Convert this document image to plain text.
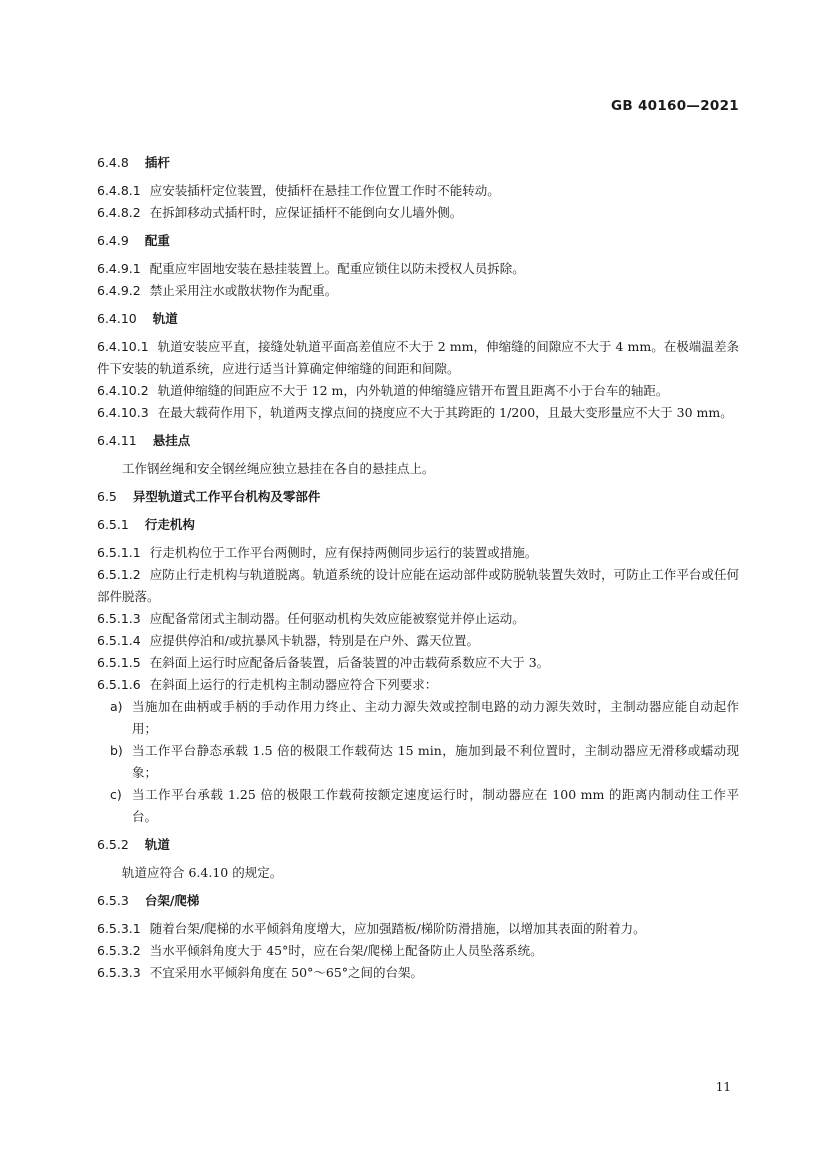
GB 40160—2021
6.4.8 插杆
6.4.8.1 应安装插杆定位装置，使插杆在悬挂工作位置工作时不能转动。
6.4.8.2 在拆卸移动式插杆时，应保证插杆不能倒向女儿墙外侧。
6.4.9 配重
6.4.9.1 配重应牢固地安装在悬挂装置上。配重应锁住以防未授权人员拆除。
6.4.9.2 禁止采用注水或散状物作为配重。
6.4.10 轨道
6.4.10.1 轨道安装应平直，接缝处轨道平面高差值应不大于 2 mm，伸缩缝的间隙应不大于 4 mm。在极端温差条件下安装的轨道系统，应进行适当计算确定伸缩缝的间距和间隙。
6.4.10.2 轨道伸缩缝的间距应不大于 12 m，内外轨道的伸缩缝应错开布置且距离不小于台车的轴距。
6.4.10.3 在最大载荷作用下，轨道两支撑点间的挠度应不大于其跨距的 1/200，且最大变形量应不大于 30 mm。
6.4.11 悬挂点
工作钢丝绳和安全钢丝绳应独立悬挂在各自的悬挂点上。
6.5 异型轨道式工作平台机构及零部件
6.5.1 行走机构
6.5.1.1 行走机构位于工作平台两侧时，应有保持两侧同步运行的装置或措施。
6.5.1.2 应防止行走机构与轨道脱离。轨道系统的设计应能在运动部件或防脱轨装置失效时，可防止工作平台或任何部件脱落。
6.5.1.3 应配备常闭式主制动器。任何驱动机构失效应能被察觉并停止运动。
6.5.1.4 应提供停泊和/或抗暴风卡轨器，特别是在户外、露天位置。
6.5.1.5 在斜面上运行时应配备后备装置，后备装置的冲击载荷系数应不大于 3。
6.5.1.6 在斜面上运行的行走机构主制动器应符合下列要求：
a) 当施加在曲柄或手柄的手动作用力终止、主动力源失效或控制电路的动力源失效时，主制动器应能自动起作用；
b) 当工作平台静态承载 1.5 倍的极限工作载荷达 15 min，施加到最不利位置时，主制动器应无滑移或蠕动现象；
c) 当工作平台承载 1.25 倍的极限工作载荷按额定速度运行时，制动器应在 100 mm 的距离内制动住工作平台。
6.5.2 轨道
轨道应符合 6.4.10 的规定。
6.5.3 台架/爬梯
6.5.3.1 随着台架/爬梯的水平倾斜角度增大，应加强踏板/梯阶防滑措施，以增加其表面的附着力。
6.5.3.2 当水平倾斜角度大于 45°时，应在台架/爬梯上配备防止人员坠落系统。
6.5.3.3 不宜采用水平倾斜角度在 50°～65°之间的台架。
11
